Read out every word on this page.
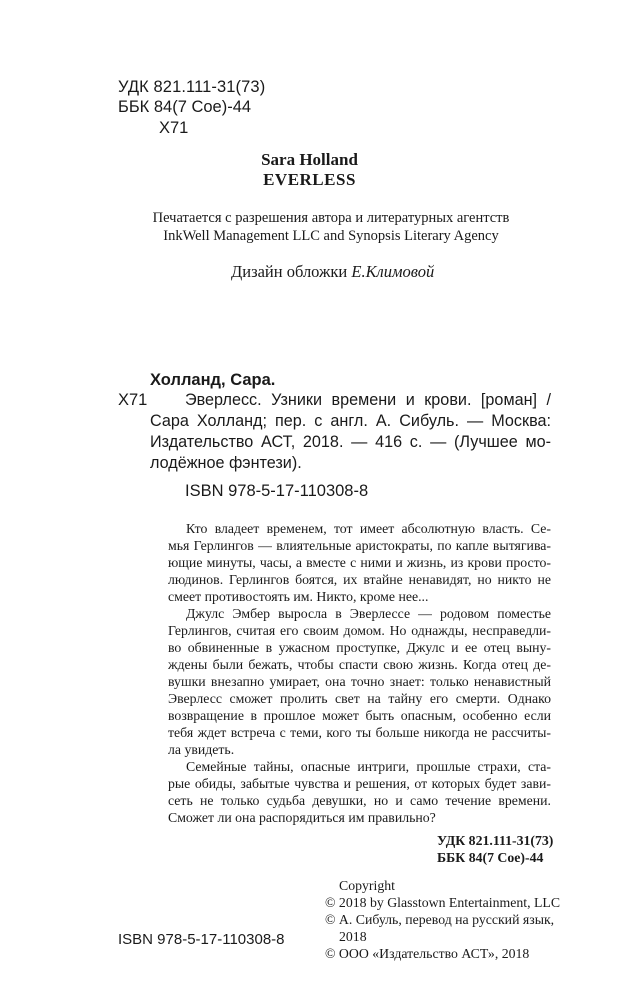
УДК 821.111-31(73)
ББК 84(7 Сое)-44
Х71
Sara Holland
EVERLESS
Печатается с разрешения автора и литературных агентств
InkWell Management LLC and Synopsis Literary Agency
Дизайн обложки Е.Климовой
Холланд, Сара.
Х71 Эверлесс. Узники времени и крови. [роман] /
Сара Холланд; пер. с англ. А. Сибуль. — Москва:
Издательство АСТ, 2018. — 416 с. — (Лучшее мо-
лодёжное фэнтези).
ISBN 978-5-17-110308-8
Кто владеет временем, тот имеет абсолютную власть. Се-
мья Герлингов — влиятельные аристократы, по капле вытягива-
ющие минуты, часы, а вместе с ними и жизнь, из крови просто-
людинов. Герлингов боятся, их втайне ненавидят, но никто не
смеет противостоять им. Никто, кроме нее...
Джулс Эмбер выросла в Эверлессе — родовом поместье
Герлингов, считая его своим домом. Но однажды, несправедли-
во обвиненные в ужасном проступке, Джулс и ее отец выну-
ждены были бежать, чтобы спасти свою жизнь. Когда отец де-
вушки внезапно умирает, она точно знает: только ненавистный
Эверлесс сможет пролить свет на тайну его смерти. Однако
возвращение в прошлое может быть опасным, особенно если
тебя ждет встреча с теми, кого ты больше никогда не рассчиты-
ла увидеть.
Семейные тайны, опасные интриги, прошлые страхи, ста-
рые обиды, забытые чувства и решения, от которых будет зави-
сеть не только судьба девушки, но и само течение времени.
Сможет ли она распорядиться им правильно?
УДК 821.111-31(73)
ББК 84(7 Сое)-44
ISBN 978-5-17-110308-8
Copyright
© 2018 by Glasstown Entertainment, LLC
© А. Сибуль, перевод на русский язык,
2018
© ООО «Издательство АСТ», 2018
